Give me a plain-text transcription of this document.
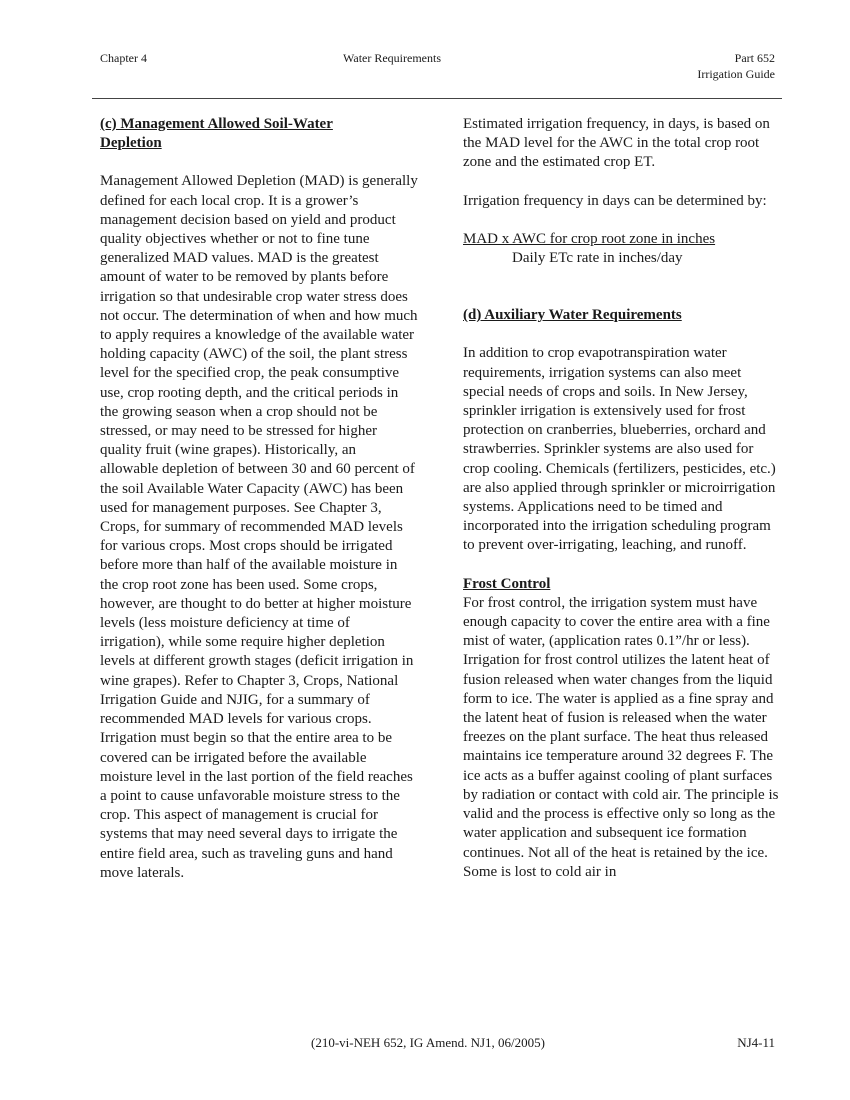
Chapter 4	Water Requirements	Part 652
Irrigation Guide

(c) Management Allowed Soil-Water
Depletion

Management Allowed Depletion (MAD) is generally defined for each local crop. It is a grower’s management decision based on yield and product quality objectives whether or not to fine tune generalized MAD values. MAD is the greatest amount of water to be removed by plants before irrigation so that undesirable crop water stress does not occur. The determination of when and how much to apply requires a knowledge of the available water holding capacity (AWC) of the soil, the plant stress level for the specified crop, the peak consumptive use, crop rooting depth, and the critical periods in the growing season when a crop should not be stressed, or may need to be stressed for higher quality fruit (wine grapes). Historically, an allowable depletion of between 30 and 60 percent of the soil Available Water Capacity (AWC) has been used for management purposes. See Chapter 3, Crops, for summary of recommended MAD levels for various crops. Most crops should be irrigated before more than half of the available moisture in the crop root zone has been used. Some crops, however, are thought to do better at higher moisture levels (less moisture deficiency at time of irrigation), while some require higher depletion levels at different growth stages (deficit irrigation in wine grapes). Refer to Chapter 3, Crops, National Irrigation Guide and NJIG, for a summary of recommended MAD levels for various crops. Irrigation must begin so that the entire area to be covered can be irrigated before the available moisture level in the last portion of the field reaches a point to cause unfavorable moisture stress to the crop. This aspect of management is crucial for systems that may need several days to irrigate the entire field area, such as traveling guns and hand move laterals.

Estimated irrigation frequency, in days, is based on the MAD level for the AWC in the total crop root zone and the estimated crop ET.

Irrigation frequency in days can be determined by:

MAD x AWC for crop root zone in inches
Daily ETc rate in inches/day

(d) Auxiliary Water Requirements

In addition to crop evapotranspiration water requirements, irrigation systems can also meet special needs of crops and soils. In New Jersey, sprinkler irrigation is extensively used for frost protection on cranberries, blueberries, orchard and strawberries. Sprinkler systems are also used for crop cooling. Chemicals (fertilizers, pesticides, etc.) are also applied through sprinkler or microirrigation systems. Applications need to be timed and incorporated into the irrigation scheduling program to prevent over-irrigating, leaching, and runoff.

Frost Control

For frost control, the irrigation system must have enough capacity to cover the entire area with a fine mist of water, (application rates 0.1”/hr or less). Irrigation for frost control utilizes the latent heat of fusion released when water changes from the liquid form to ice. The water is applied as a fine spray and the latent heat of fusion is released when the water freezes on the plant surface. The heat thus released maintains ice temperature around 32 degrees F. The ice acts as a buffer against cooling of plant surfaces by radiation or contact with cold air. The principle is valid and the process is effective only so long as the water application and subsequent ice formation continues. Not all of the heat is retained by the ice. Some is lost to cold air in

(210-vi-NEH 652, IG Amend. NJ1, 06/2005)	NJ4-11
